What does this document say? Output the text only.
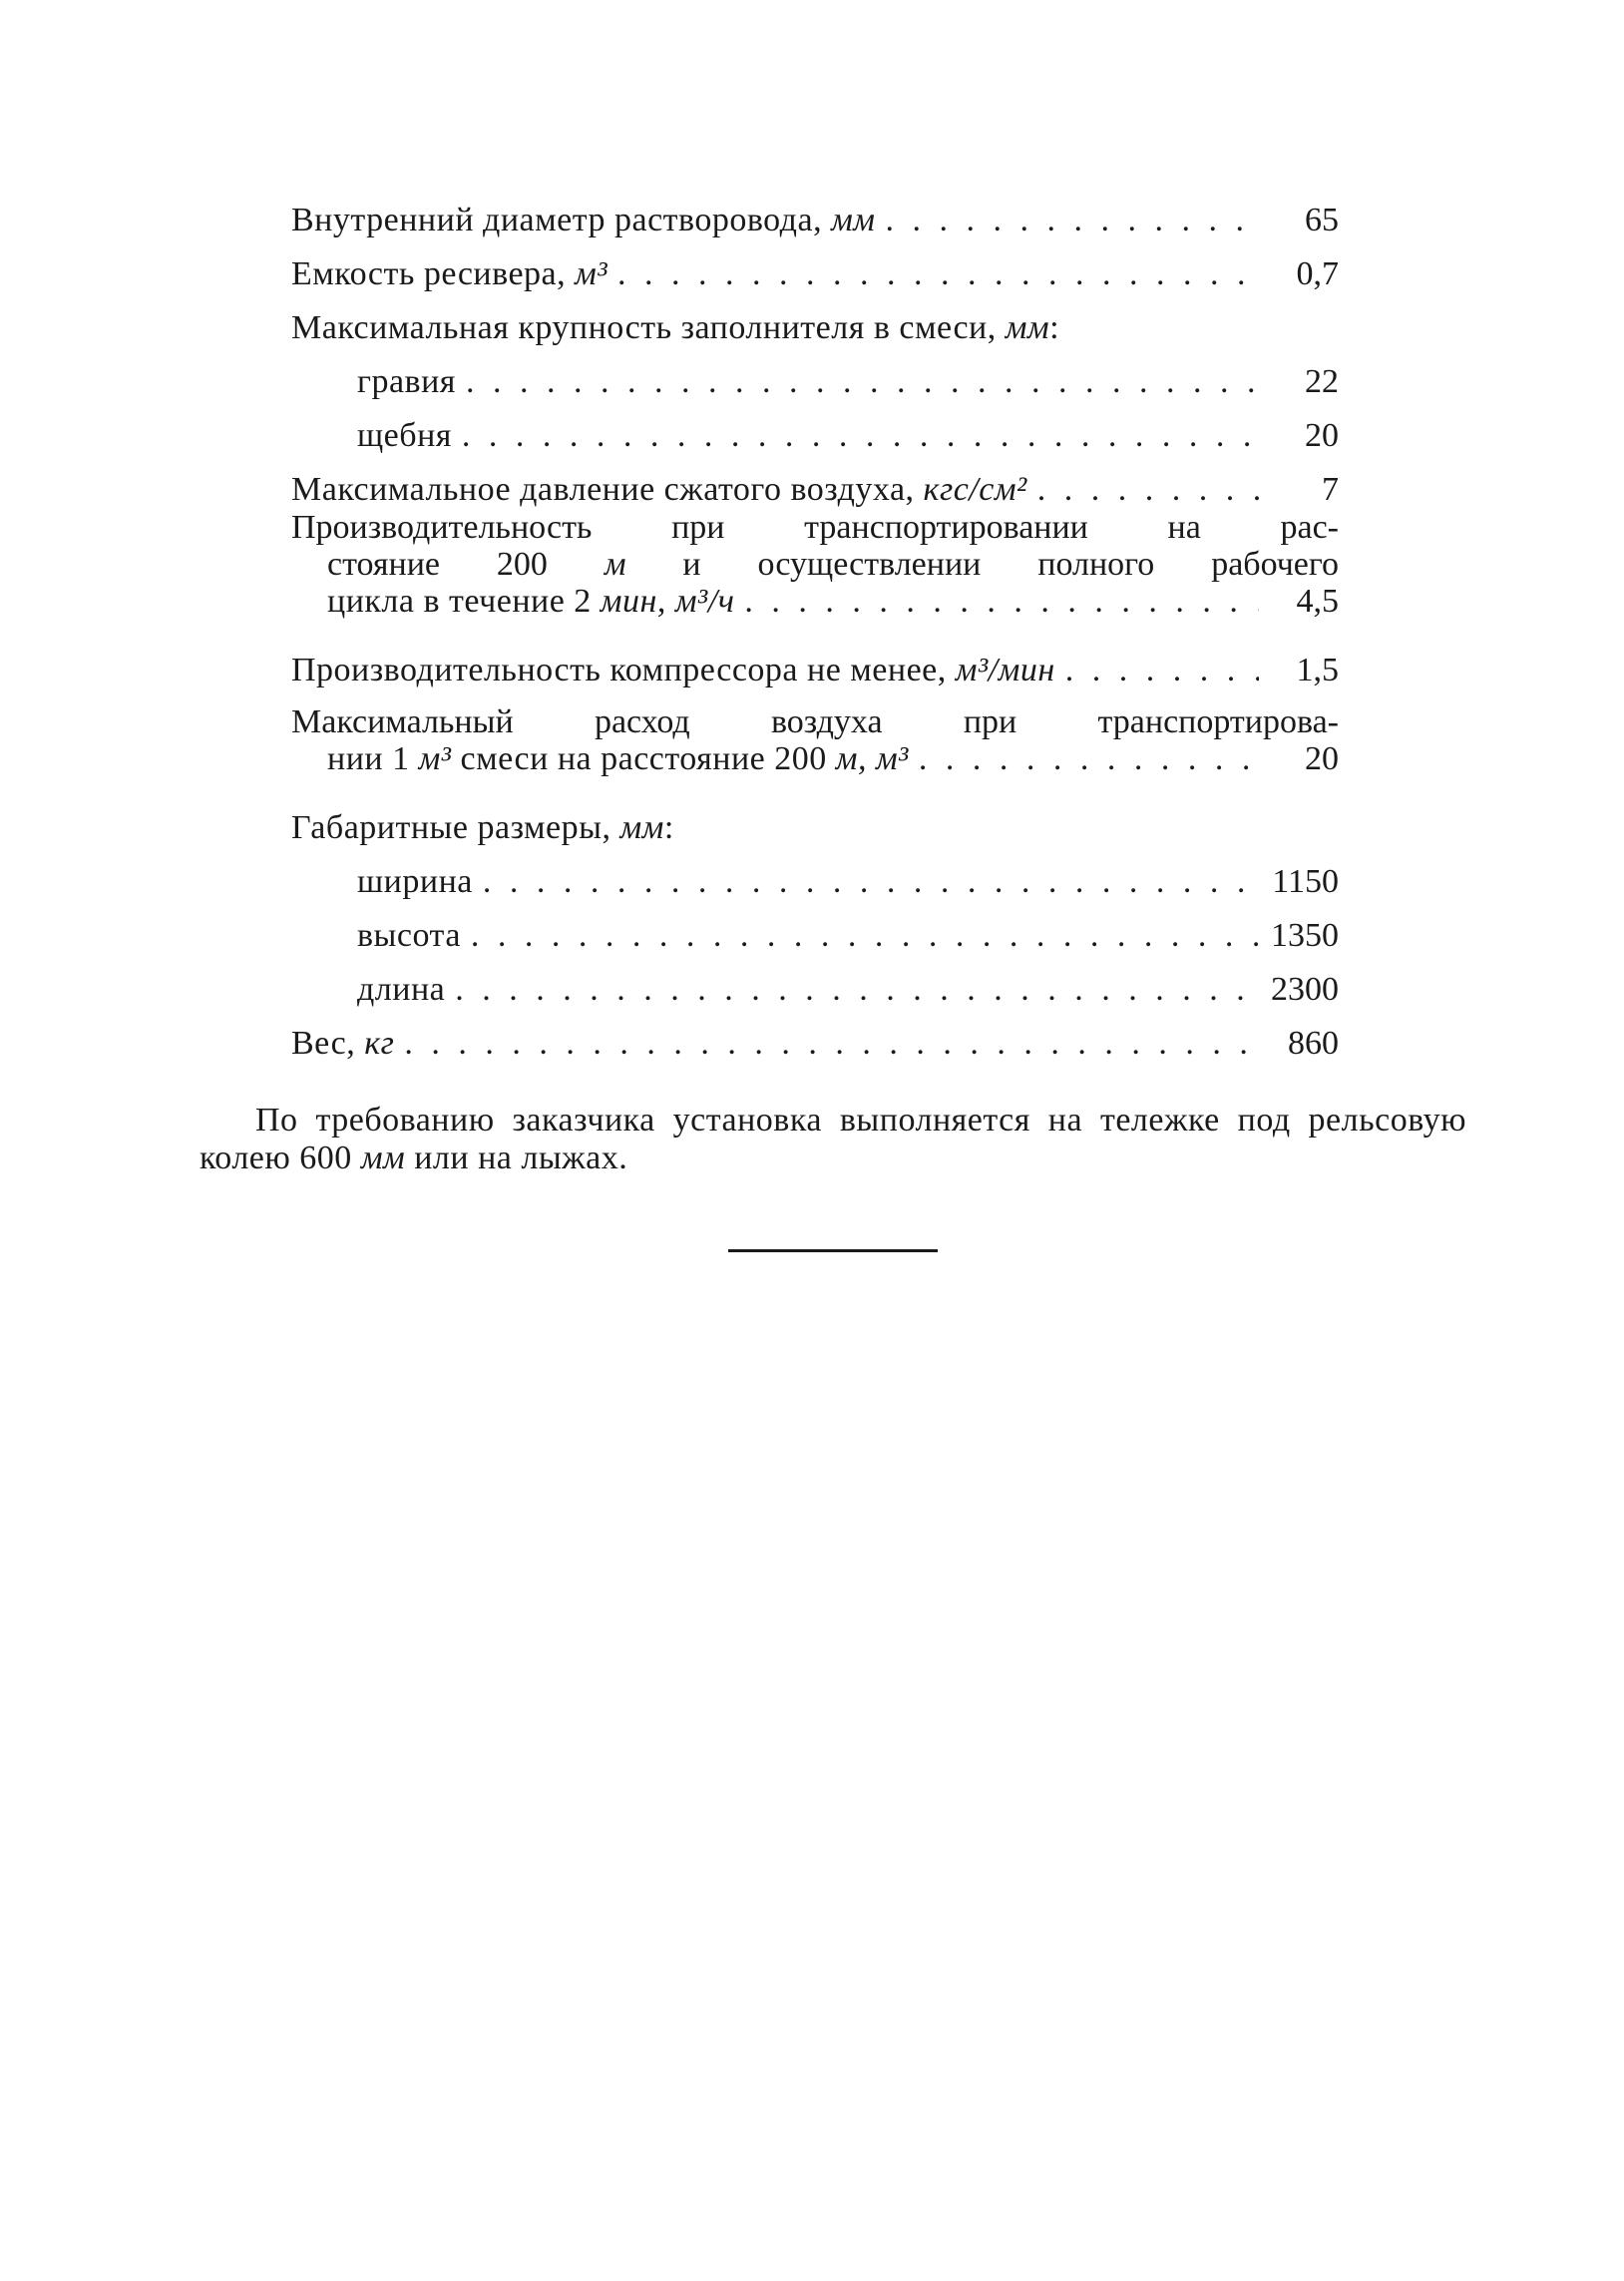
Внутренний диаметр растворовода, мм . . .	65
Емкость ресивера, м³ . . .	0,7
Максимальная крупность заполнителя в смеси, мм:
гравия . . .	22
щебня . . .	20
Максимальное давление сжатого воздуха, кгс/см² . . .	7
Производительность при транспортировании на рас-
стояние 200 м и осуществлении полного рабочего
цикла в течение 2 мин, м³/ч . . .	4,5
Производительность компрессора не менее, м³/мин . . .	1,5
Максимальный расход воздуха при транспортирова-
нии 1 м³ смеси на расстояние 200 м, м³ . . .	20
Габаритные размеры, мм:
ширина . . .	1150
высота . . .	1350
длина . . .	2300
Вес, кг . . .	860

По требованию заказчика установка выполняется на тележке под рельсовую колею 600 мм или на лыжах.
